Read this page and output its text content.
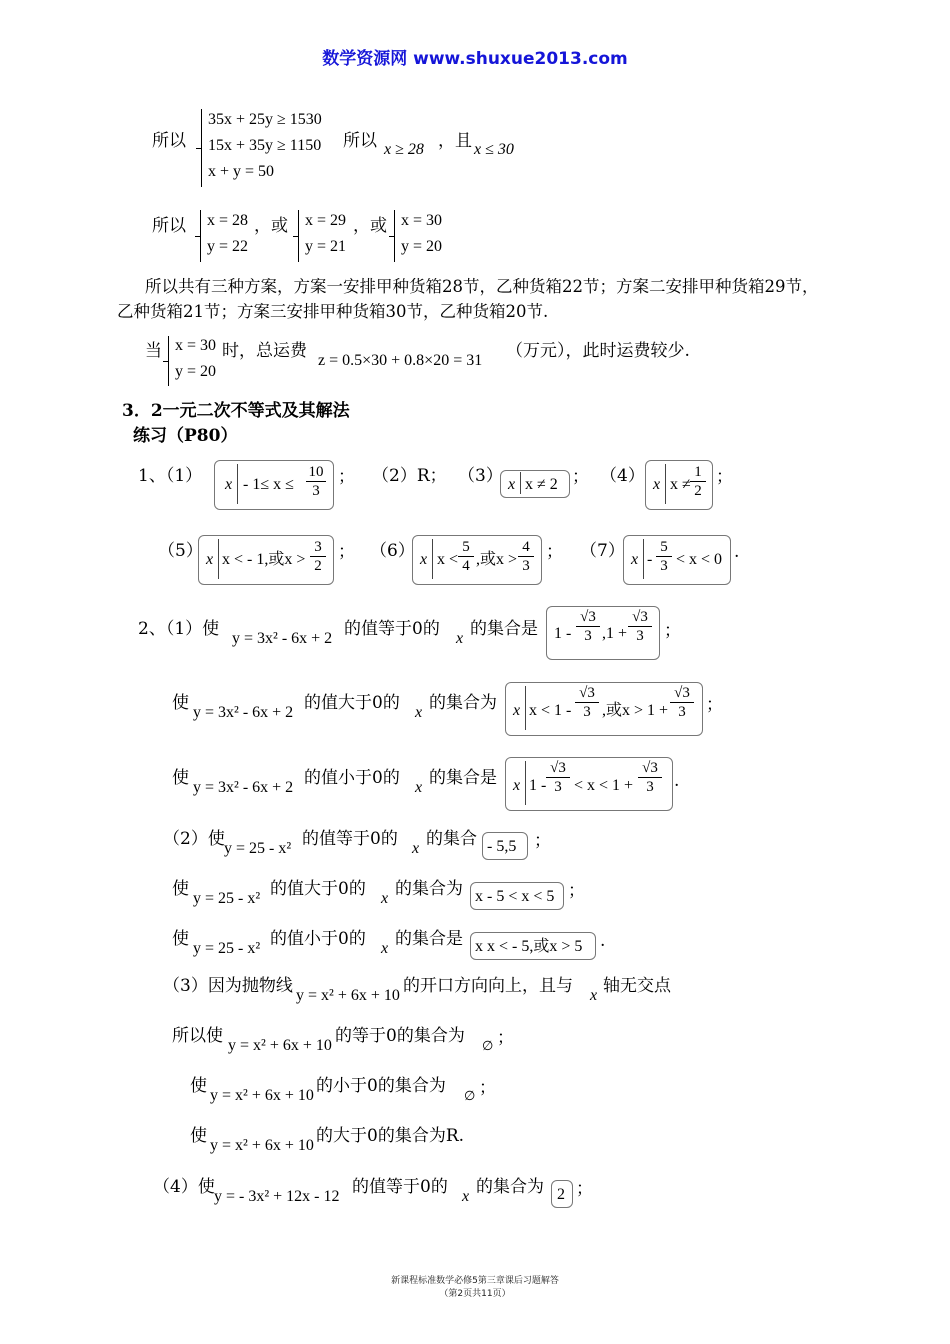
数学资源网 www.shuxue2013.com
所以
35x + 25y ≥ 1530
15x + 35y ≥ 1150
x + y = 50
所以 x ≥ 28 ，且 x ≤ 30
所以 x = 28
y = 22
，或 x = 29
y = 21
，或 x = 30
y = 20
所以共有三种方案，方案一安排甲种货箱28节，乙种货箱22节；方案二安排甲种货箱29节，
乙种货箱21节；方案三安排甲种货箱30节，乙种货箱20节.
当 x = 30
y = 20
时，总运费 z = 0.5×30 + 0.8×20 = 31 （万元），此时运费较少.
3．2一元二次不等式及其解法
练习（P80）
1、（1） $x - 1\le x \le \frac{10}{3}$ ； （2）R； （3） x x ≠ 2 ； （4） x $x \ne \frac{1}{2}$ ；
（5） x x < - 1,或$x > \frac{3}{2}$ ； （6） x $x < \frac{5}{4}$ ,或$x > \frac{4}{3}$ ； （7） $x - \frac{5}{3} < x < 0$ .
2、（1）使 y = 3x² - 6x + 2 的值等于0的 x 的集合是 $1 - \frac{√3}{3} ,1 + \frac{√3}{3}$ ；
使 y = 3x² - 6x + 2 的值大于0的 x 的集合为 x $x < 1 - \frac{√3}{3}$ ,或$x > 1 + \frac{√3}{3}$ ；
使 y = 3x² - 6x + 2 的值小于0的 x 的集合是 x $1 - \frac{√3}{3} < x < 1 + \frac{√3}{3}$ .
（2）使 y = 25 - x² 的值等于0的 x 的集合 - 5,5 ；
使 y = 25 - x² 的值大于0的 x 的集合为 x - 5 < x < 5 ；
使 y = 25 - x² 的值小于0的 x 的集合是 x x < - 5,或x > 5 .
（3）因为抛物线 y = x² + 6x + 10 的开口方向向上，且与 x 轴无交点
所以使 y = x² + 6x + 10 的等于0的集合为 ∅ ；
使 y = x² + 6x + 10 的小于0的集合为 ∅ ；
使 y = x² + 6x + 10 的大于0的集合为R.
（4）使 y = - 3x² + 12x - 12 的值等于0的 x 的集合为 2 ；
新课程标准数学必修5第三章课后习题解答
（第2页共11页）
